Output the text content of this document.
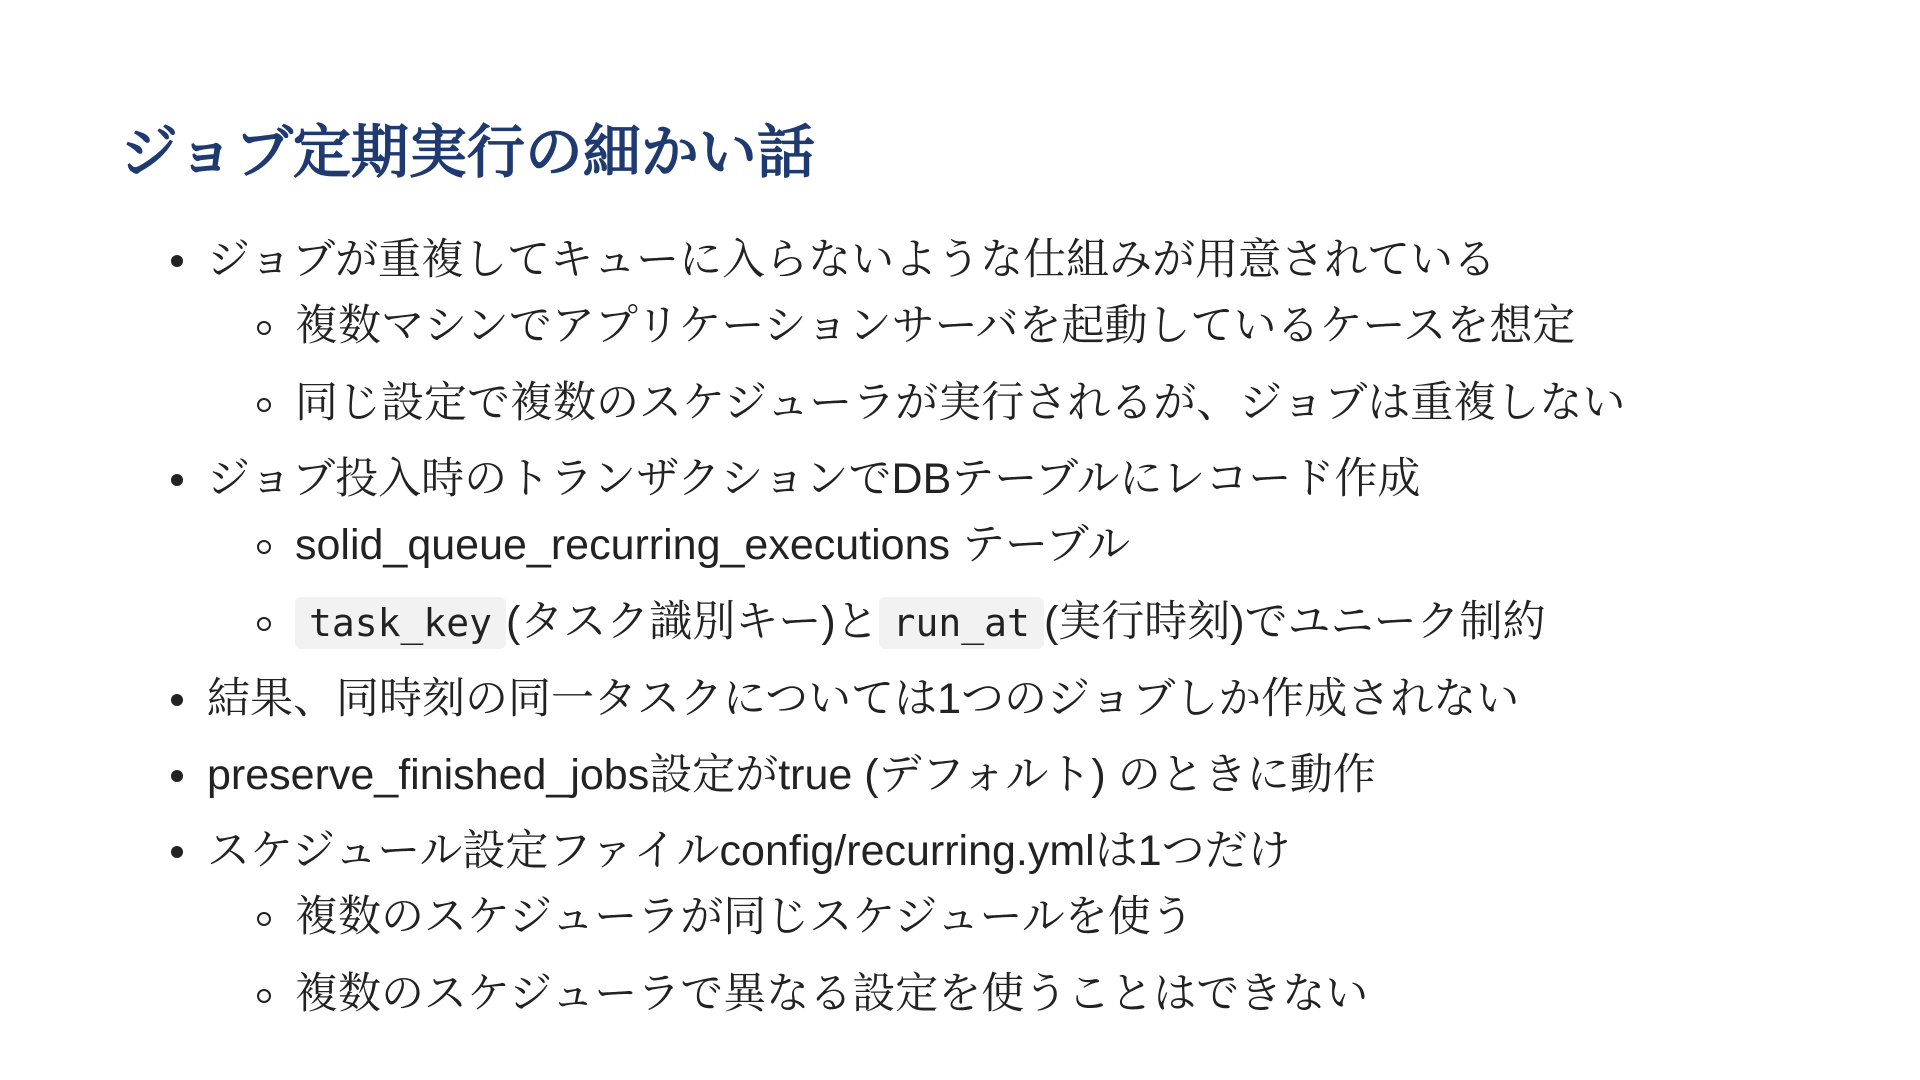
ジョブ定期実行の細かい話
ジョブが重複してキューに入らないような仕組みが用意されている
複数マシンでアプリケーションサーバを起動しているケースを想定
同じ設定で複数のスケジューラが実行されるが、ジョブは重複しない
ジョブ投入時のトランザクションでDBテーブルにレコード作成
solid_queue_recurring_executions テーブル
task_key (タスク識別キー)と run_at (実行時刻)でユニーク制約
結果、同時刻の同一タスクについては1つのジョブしか作成されない
preserve_finished_jobs設定がtrue (デフォルト) のときに動作
スケジュール設定ファイルconfig/recurring.ymlは1つだけ
複数のスケジューラが同じスケジュールを使う
複数のスケジューラで異なる設定を使うことはできない
